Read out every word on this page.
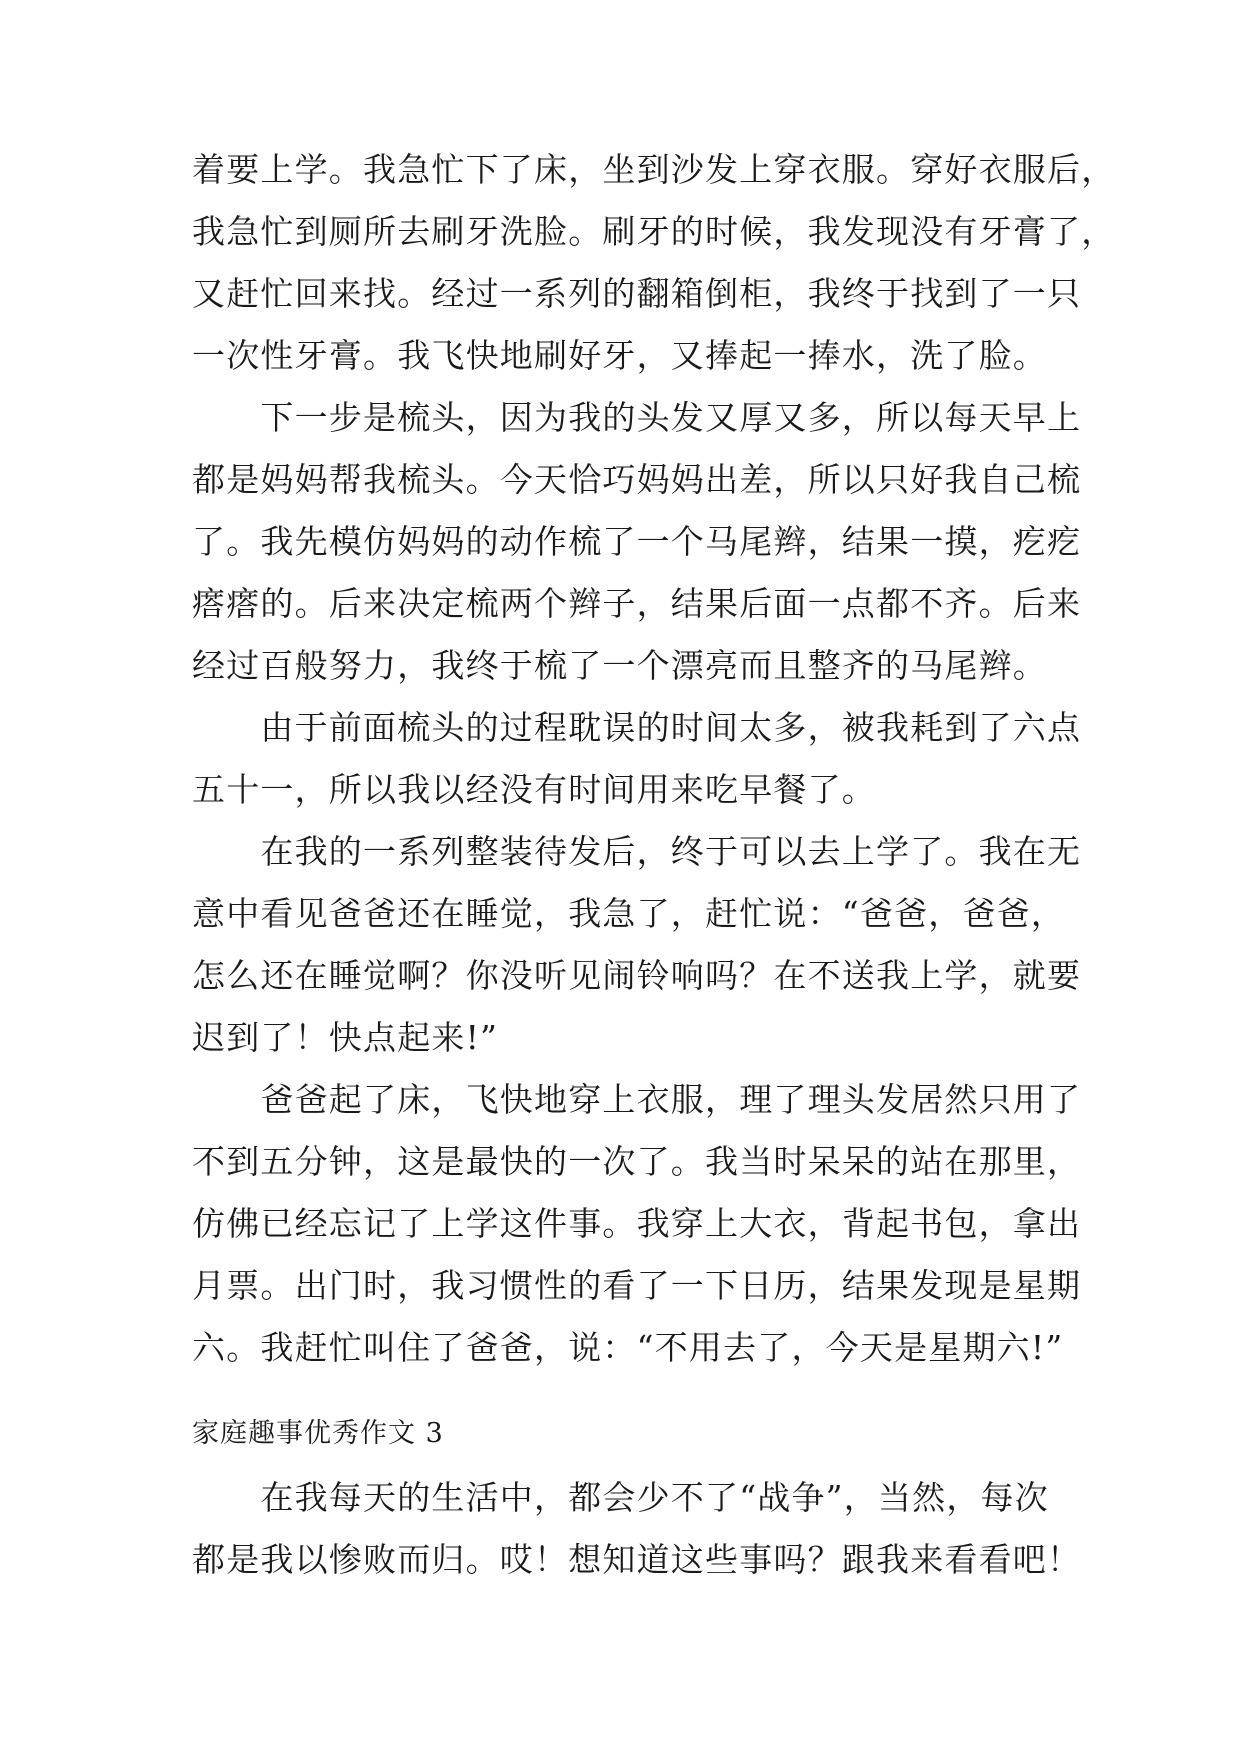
着要上学。我急忙下了床，坐到沙发上穿衣服。穿好衣服后，
我急忙到厕所去刷牙洗脸。刷牙的时候，我发现没有牙膏了，
又赶忙回来找。经过一系列的翻箱倒柜，我终于找到了一只
一次性牙膏。我飞快地刷好牙，又捧起一捧水，洗了脸。
　　下一步是梳头，因为我的头发又厚又多，所以每天早上
都是妈妈帮我梳头。今天恰巧妈妈出差，所以只好我自己梳
了。我先模仿妈妈的动作梳了一个马尾辫，结果一摸，疙疙
瘩瘩的。后来决定梳两个辫子，结果后面一点都不齐。后来
经过百般努力，我终于梳了一个漂亮而且整齐的马尾辫。
　　由于前面梳头的过程耽误的时间太多，被我耗到了六点
五十一，所以我以经没有时间用来吃早餐了。
　　在我的一系列整装待发后，终于可以去上学了。我在无
意中看见爸爸还在睡觉，我急了，赶忙说：“爸爸，爸爸，
怎么还在睡觉啊？你没听见闹铃响吗？在不送我上学，就要
迟到了！快点起来!”
　　爸爸起了床，飞快地穿上衣服，理了理头发居然只用了
不到五分钟，这是最快的一次了。我当时呆呆的站在那里，
仿佛已经忘记了上学这件事。我穿上大衣，背起书包，拿出
月票。出门时，我习惯性的看了一下日历，结果发现是星期
六。我赶忙叫住了爸爸，说：“不用去了，今天是星期六!”
家庭趣事优秀作文 3
　　在我每天的生活中，都会少不了“战争”，当然，每次
都是我以惨败而归。哎！想知道这些事吗？跟我来看看吧！
